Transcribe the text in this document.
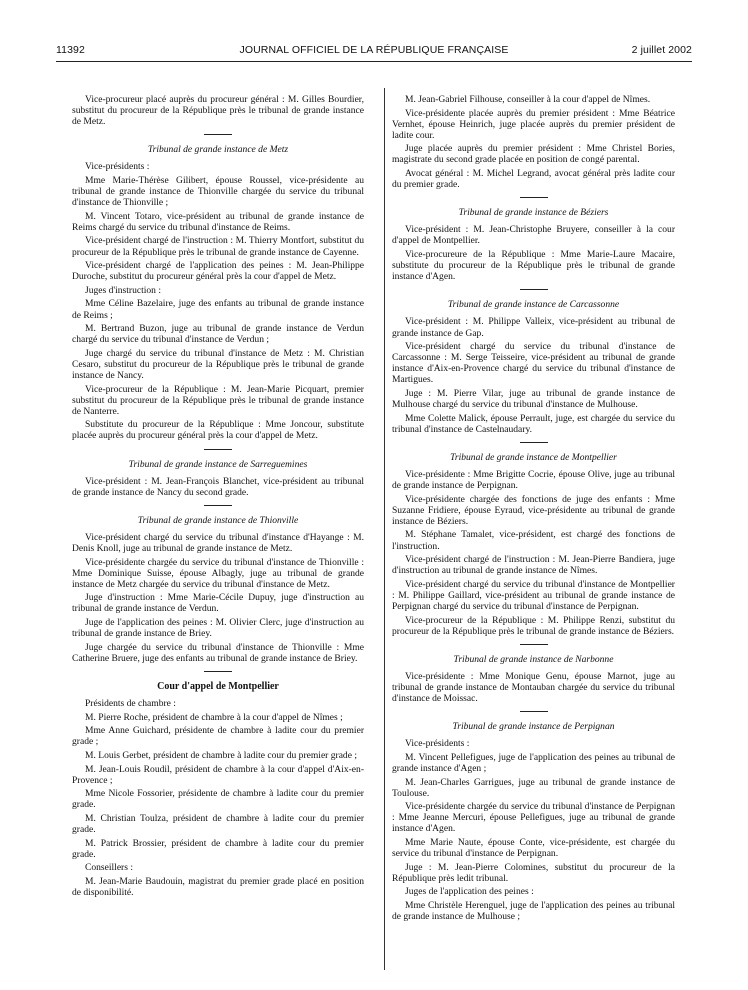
11392	JOURNAL OFFICIEL DE LA RÉPUBLIQUE FRANÇAISE	2 juillet 2002
Vice-procureur placé auprès du procureur général : M. Gilles Bourdier, substitut du procureur de la République près le tribunal de grande instance de Metz.
Tribunal de grande instance de Metz
Vice-présidents :
Mme Marie-Thérèse Gilibert, épouse Roussel, vice-présidente au tribunal de grande instance de Thionville chargée du service du tribunal d'instance de Thionville ;
M. Vincent Totaro, vice-président au tribunal de grande instance de Reims chargé du service du tribunal d'instance de Reims.
Vice-président chargé de l'instruction : M. Thierry Montfort, substitut du procureur de la République près le tribunal de grande instance de Cayenne.
Vice-président chargé de l'application des peines : M. Jean-Philippe Duroche, substitut du procureur général près la cour d'appel de Metz.
Juges d'instruction :
Mme Céline Bazelaire, juge des enfants au tribunal de grande instance de Reims ;
M. Bertrand Buzon, juge au tribunal de grande instance de Verdun chargé du service du tribunal d'instance de Verdun ;
Juge chargé du service du tribunal d'instance de Metz : M. Christian Cesaro, substitut du procureur de la République près le tribunal de grande instance de Nancy.
Vice-procureur de la République : M. Jean-Marie Picquart, premier substitut du procureur de la République près le tribunal de grande instance de Nanterre.
Substitute du procureur de la République : Mme Joncour, substitute placée auprès du procureur général près la cour d'appel de Metz.
Tribunal de grande instance de Sarreguemines
Vice-président : M. Jean-François Blanchet, vice-président au tribunal de grande instance de Nancy du second grade.
Tribunal de grande instance de Thionville
Vice-président chargé du service du tribunal d'instance d'Hayange : M. Denis Knoll, juge au tribunal de grande instance de Metz.
Vice-présidente chargée du service du tribunal d'instance de Thionville : Mme Dominique Suisse, épouse Albagly, juge au tribunal de grande instance de Metz chargée du service du tribunal d'instance de Metz.
Juge d'instruction : Mme Marie-Cécile Dupuy, juge d'instruction au tribunal de grande instance de Verdun.
Juge de l'application des peines : M. Olivier Clerc, juge d'instruction au tribunal de grande instance de Briey.
Juge chargée du service du tribunal d'instance de Thionville : Mme Catherine Bruere, juge des enfants au tribunal de grande instance de Briey.
Cour d'appel de Montpellier
Présidents de chambre :
M. Pierre Roche, président de chambre à la cour d'appel de Nîmes ;
Mme Anne Guichard, présidente de chambre à ladite cour du premier grade ;
M. Louis Gerbet, président de chambre à ladite cour du premier grade ;
M. Jean-Louis Roudil, président de chambre à la cour d'appel d'Aix-en-Provence ;
Mme Nicole Fossorier, présidente de chambre à ladite cour du premier grade.
M. Christian Toulza, président de chambre à ladite cour du premier grade.
M. Patrick Brossier, président de chambre à ladite cour du premier grade.
Conseillers :
M. Jean-Marie Baudouin, magistrat du premier grade placé en position de disponibilité.
M. Jean-Gabriel Filhouse, conseiller à la cour d'appel de Nîmes.
Vice-présidente placée auprès du premier président : Mme Béatrice Vernhet, épouse Heinrich, juge placée auprès du premier président de ladite cour.
Juge placée auprès du premier président : Mme Christel Bories, magistrate du second grade placée en position de congé parental.
Avocat général : M. Michel Legrand, avocat général près ladite cour du premier grade.
Tribunal de grande instance de Béziers
Vice-président : M. Jean-Christophe Bruyere, conseiller à la cour d'appel de Montpellier.
Vice-procureure de la République : Mme Marie-Laure Macaire, substitute du procureur de la République près le tribunal de grande instance d'Agen.
Tribunal de grande instance de Carcassonne
Vice-président : M. Philippe Valleix, vice-président au tribunal de grande instance de Gap.
Vice-président chargé du service du tribunal d'instance de Carcassonne : M. Serge Teisseire, vice-président au tribunal de grande instance d'Aix-en-Provence chargé du service du tribunal d'instance de Martigues.
Juge : M. Pierre Vilar, juge au tribunal de grande instance de Mulhouse chargé du service du tribunal d'instance de Mulhouse.
Mme Colette Malick, épouse Perrault, juge, est chargée du service du tribunal d'instance de Castelnaudary.
Tribunal de grande instance de Montpellier
Vice-présidente : Mme Brigitte Cocrie, épouse Olive, juge au tribunal de grande instance de Perpignan.
Vice-présidente chargée des fonctions de juge des enfants : Mme Suzanne Fridiere, épouse Eyraud, vice-présidente au tribunal de grande instance de Béziers.
M. Stéphane Tamalet, vice-président, est chargé des fonctions de l'instruction.
Vice-président chargé de l'instruction : M. Jean-Pierre Bandiera, juge d'instruction au tribunal de grande instance de Nîmes.
Vice-président chargé du service du tribunal d'instance de Montpellier : M. Philippe Gaillard, vice-président au tribunal de grande instance de Perpignan chargé du service du tribunal d'instance de Perpignan.
Vice-procureur de la République : M. Philippe Renzi, substitut du procureur de la République près le tribunal de grande instance de Béziers.
Tribunal de grande instance de Narbonne
Vice-présidente : Mme Monique Genu, épouse Marnot, juge au tribunal de grande instance de Montauban chargée du service du tribunal d'instance de Moissac.
Tribunal de grande instance de Perpignan
Vice-présidents :
M. Vincent Pellefigues, juge de l'application des peines au tribunal de grande instance d'Agen ;
M. Jean-Charles Garrigues, juge au tribunal de grande instance de Toulouse.
Vice-présidente chargée du service du tribunal d'instance de Perpignan : Mme Jeanne Mercuri, épouse Pellefigues, juge au tribunal de grande instance d'Agen.
Mme Marie Naute, épouse Conte, vice-présidente, est chargée du service du tribunal d'instance de Perpignan.
Juge : M. Jean-Pierre Colomines, substitut du procureur de la République près ledit tribunal.
Juges de l'application des peines :
Mme Christèle Herenguel, juge de l'application des peines au tribunal de grande instance de Mulhouse ;
